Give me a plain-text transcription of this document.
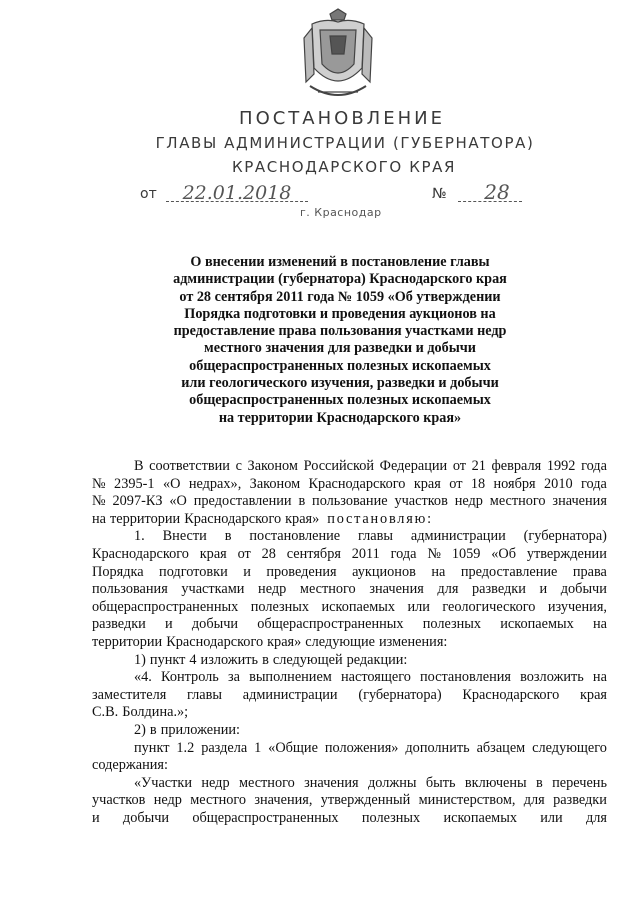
ПОСТАНОВЛЕНИЕ
ГЛАВЫ АДМИНИСТРАЦИИ (ГУБЕРНАТОРА)
КРАСНОДАРСКОГО КРАЯ
от	22.01.2018	№	28
г. Краснодар
О внесении изменений в постановление главы
администрации (губернатора) Краснодарского края
от 28 сентября 2011 года № 1059 «Об утверждении
Порядка подготовки и проведения аукционов на
предоставление права пользования участками недр
местного значения для разведки и добычи
общераспространенных полезных ископаемых
или геологического изучения, разведки и добычи
общераспространенных полезных ископаемых
на территории Краснодарского края»
В соответствии с Законом Российской Федерации от 21 февраля 1992 года
№ 2395-1 «О недрах», Законом Краснодарского края от 18 ноября 2010 года
№ 2097-КЗ «О предоставлении в пользование участков недр местного значения
на территории Краснодарского края» постановляю:
1. Внести в постановление главы администрации (губернатора)
Краснодарского края от 28 сентября 2011 года № 1059 «Об утверждении
Порядка подготовки и проведения аукционов на предоставление права
пользования участками недр местного значения для разведки и добычи
общераспространенных полезных ископаемых или геологического изучения,
разведки и добычи общераспространенных полезных ископаемых на
территории Краснодарского края» следующие изменения:
1) пункт 4 изложить в следующей редакции:
«4. Контроль за выполнением настоящего постановления возложить на
заместителя главы администрации (губернатора) Краснодарского края
С.В. Болдина.»;
2) в приложении:
пункт 1.2 раздела 1 «Общие положения» дополнить абзацем следующего
содержания:
«Участки недр местного значения должны быть включены в перечень
участков недр местного значения, утвержденный министерством, для разведки
и добычи общераспространенных полезных ископаемых или для
